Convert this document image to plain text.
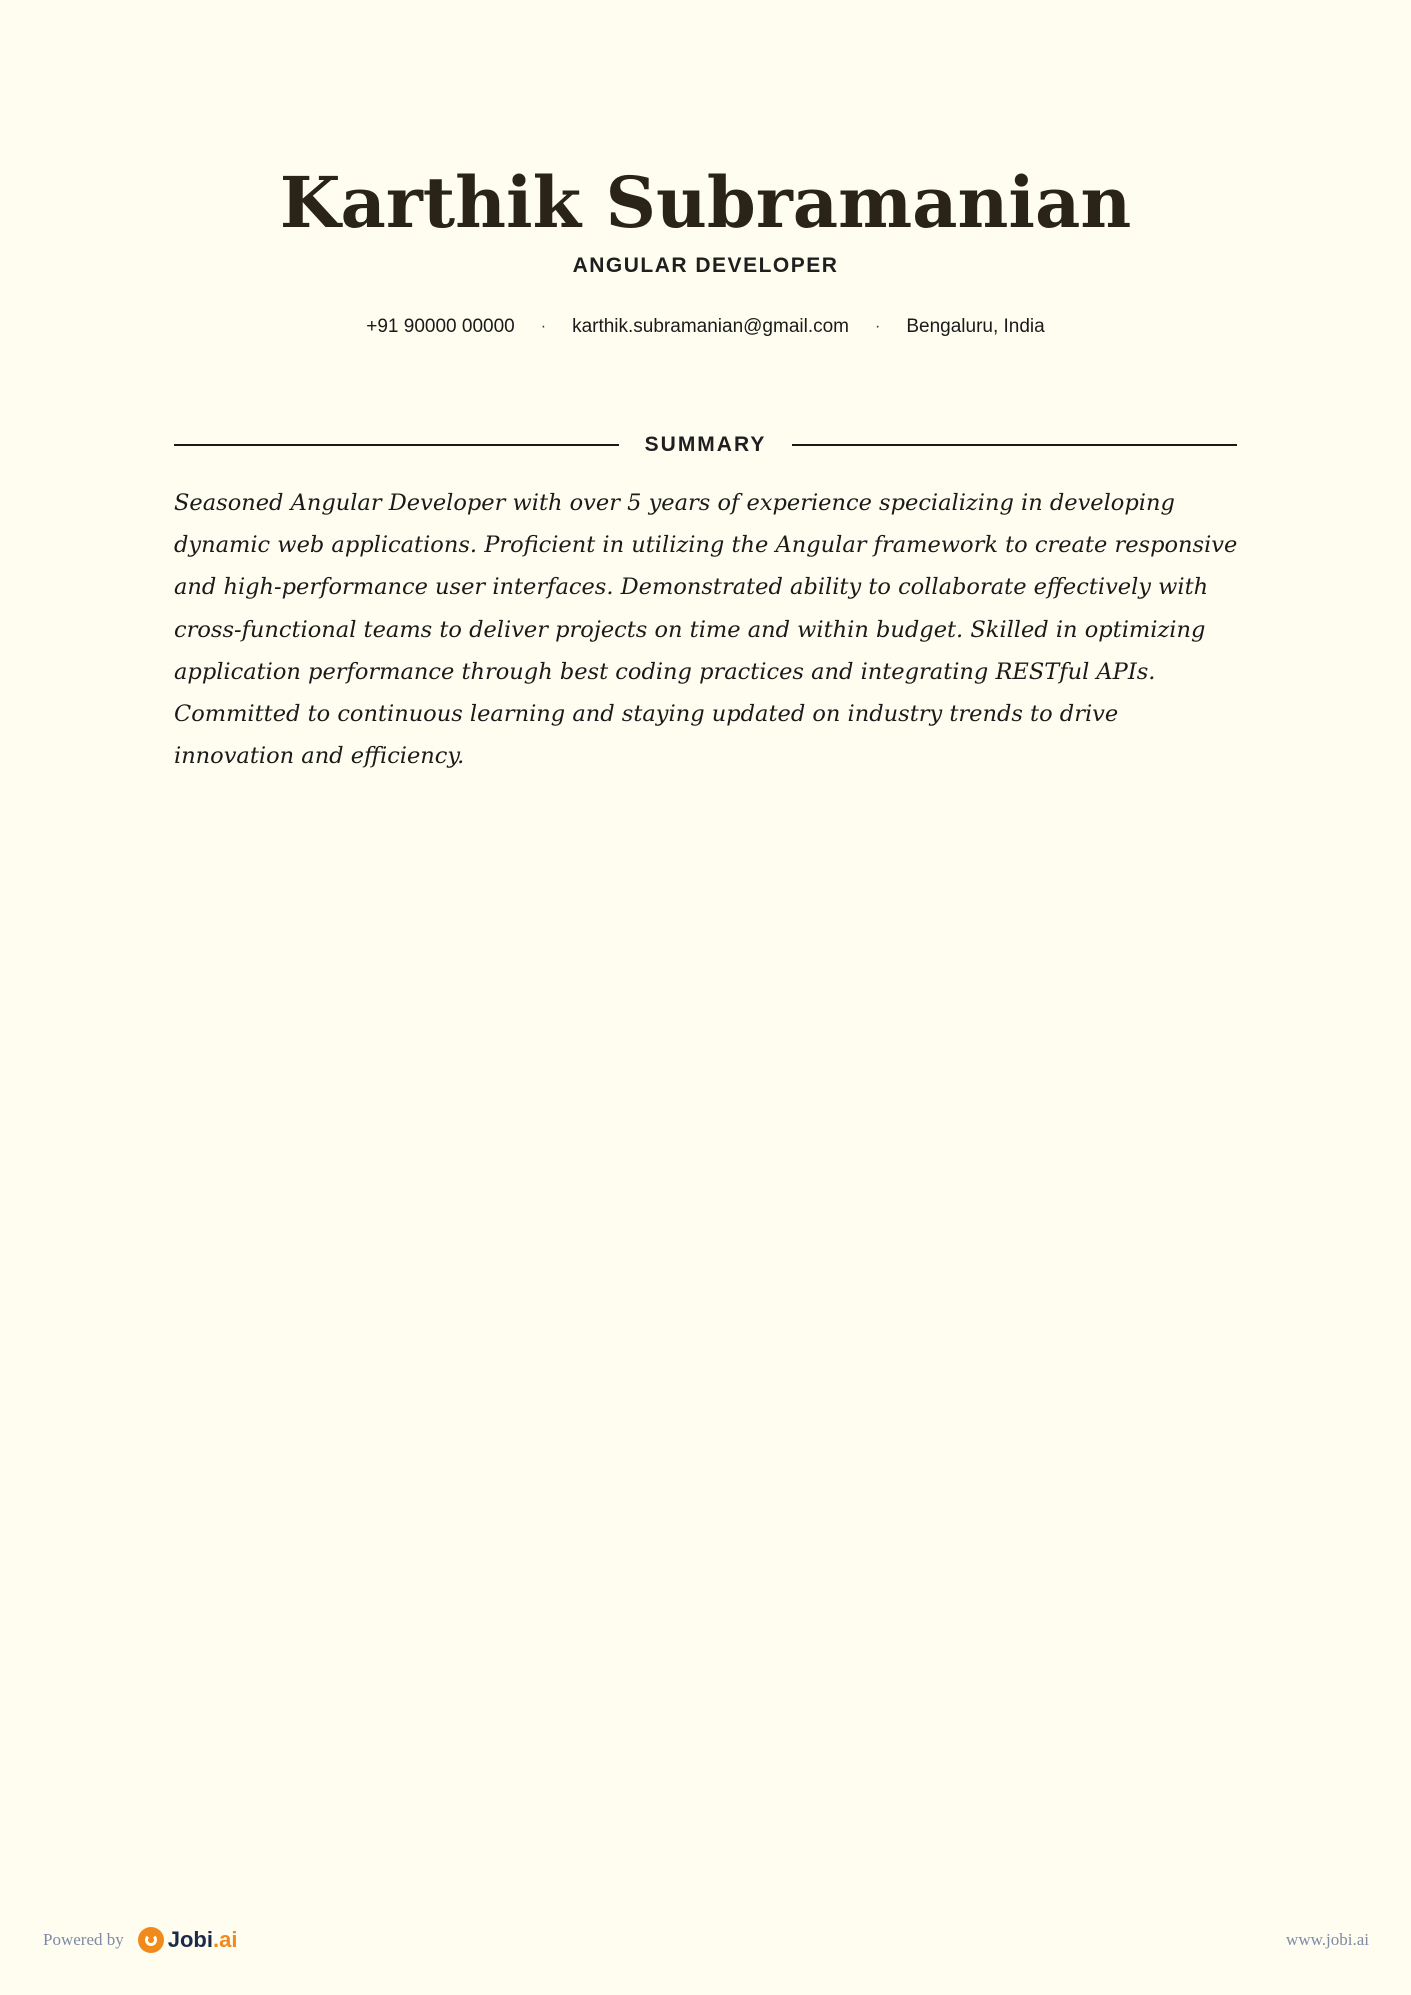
Karthik Subramanian
ANGULAR DEVELOPER
+91 90000 00000 · karthik.subramanian@gmail.com · Bengaluru, India
SUMMARY

Seasoned Angular Developer with over 5 years of experience specializing in developing dynamic web applications. Proficient in utilizing the Angular framework to create responsive and high-performance user interfaces. Demonstrated ability to collaborate effectively with cross-functional teams to deliver projects on time and within budget. Skilled in optimizing application performance through best coding practices and integrating RESTful APIs. Committed to continuous learning and staying updated on industry trends to drive innovation and efficiency.

Powered by Jobi.ai	www.jobi.ai
